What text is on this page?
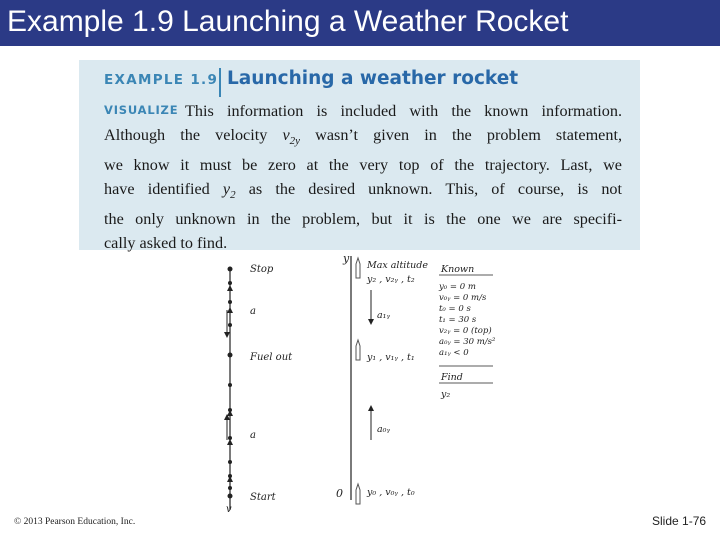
Example 1.9 Launching a Weather Rocket
EXAMPLE 1.9 Launching a weather rocket
VISUALIZE This information is included with the known information.
Although the velocity $v_{2y}$ wasn’t given in the problem statement,
we know it must be zero at the very top of the trajectory. Last, we
have identified $y_2$ as the desired unknown. This, of course, is not
the only unknown in the problem, but it is the one we are specifi-
cally asked to find.
Stop
Fuel out
Start
a
a
v
y
0
Max altitude
y₂ , v₂ᵧ , t₂
a₁ᵧ
y₁ , v₁ᵧ , t₁
a₀ᵧ
y₀ , v₀ᵧ , t₀
Known
y₀ = 0 m
v₀ᵧ = 0 m/s
t₀ = 0 s
t₁ = 30 s
v₂ᵧ = 0 (top)
a₀ᵧ = 30 m/s²
a₁ᵧ < 0
Find
y₂
© 2013 Pearson Education, Inc.	Slide 1-76
